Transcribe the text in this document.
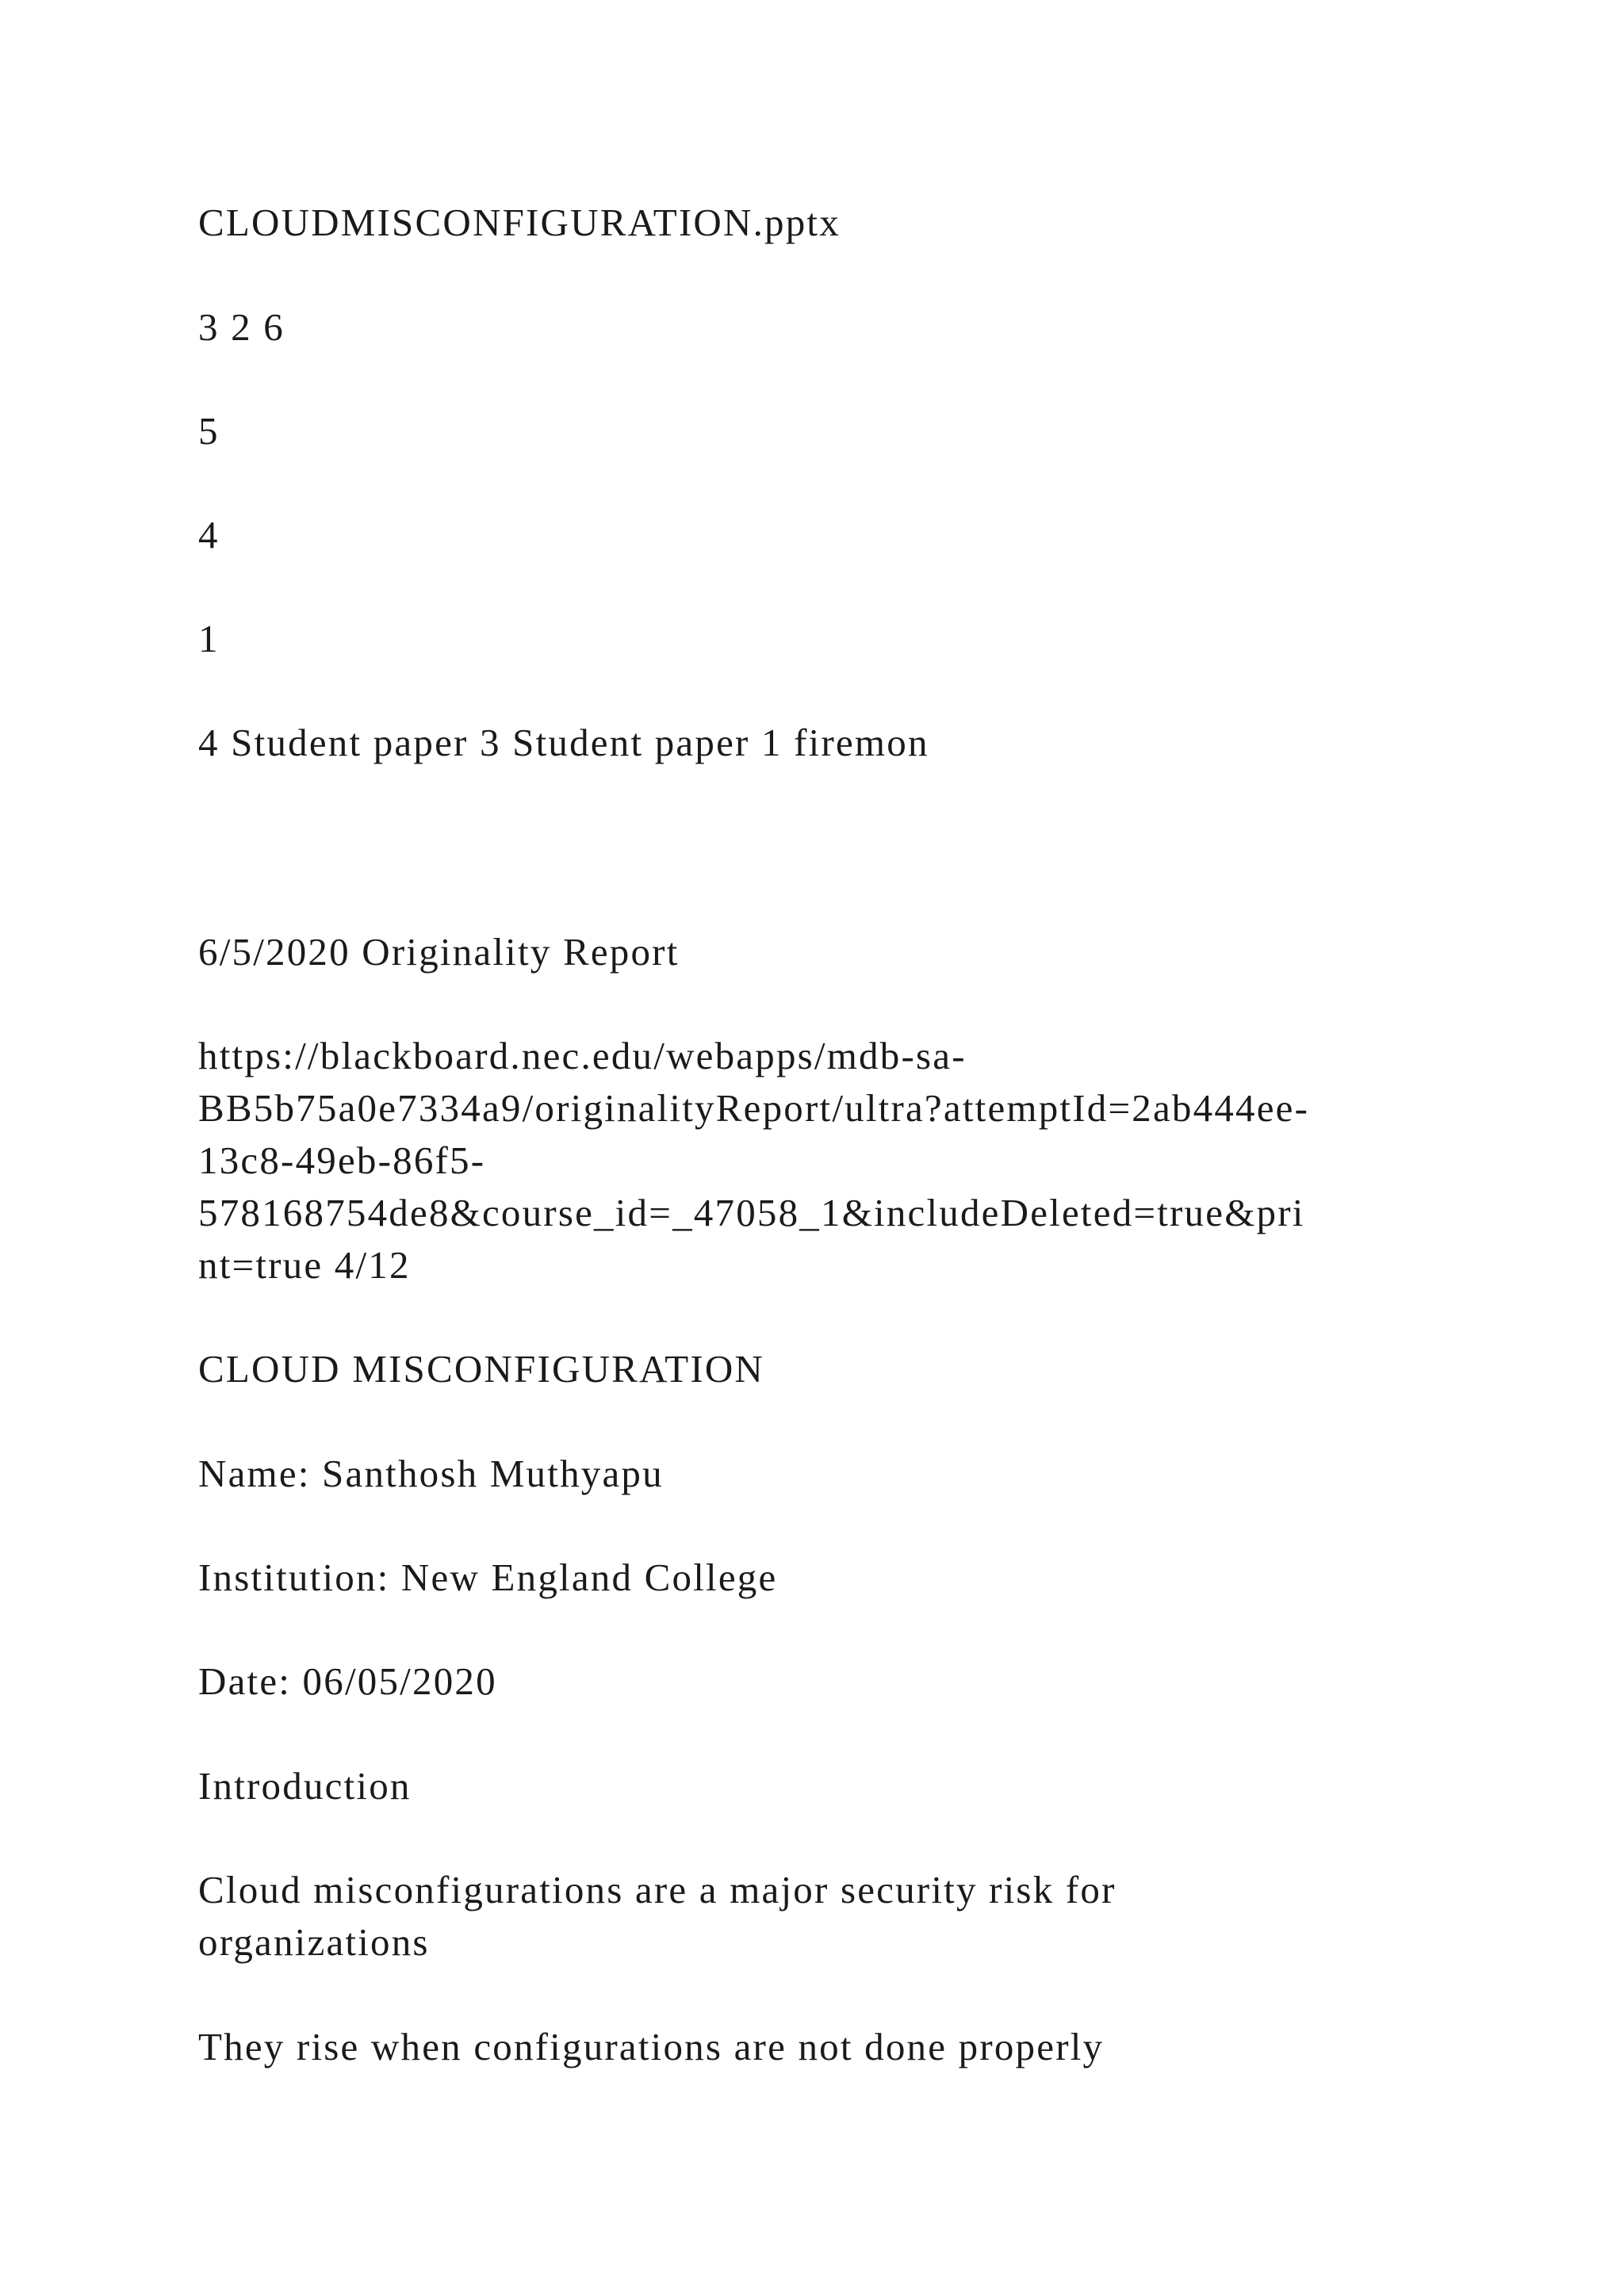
CLOUDMISCONFIGURATION.pptx

3 2 6

5

4

1

4 Student paper 3 Student paper 1 firemon

6/5/2020 Originality Report

https://blackboard.nec.edu/webapps/mdb-sa-

BB5b75a0e7334a9/originalityReport/ultra?attemptId=2ab444ee-

13c8-49eb-86f5-

578168754de8&course_id=_47058_1&includeDeleted=true&pri

nt=true 4/12

CLOUD MISCONFIGURATION

Name: Santhosh Muthyapu

Institution: New England College

Date: 06/05/2020

Introduction

Cloud misconfigurations are a major security risk for

organizations

They rise when configurations are not done properly
